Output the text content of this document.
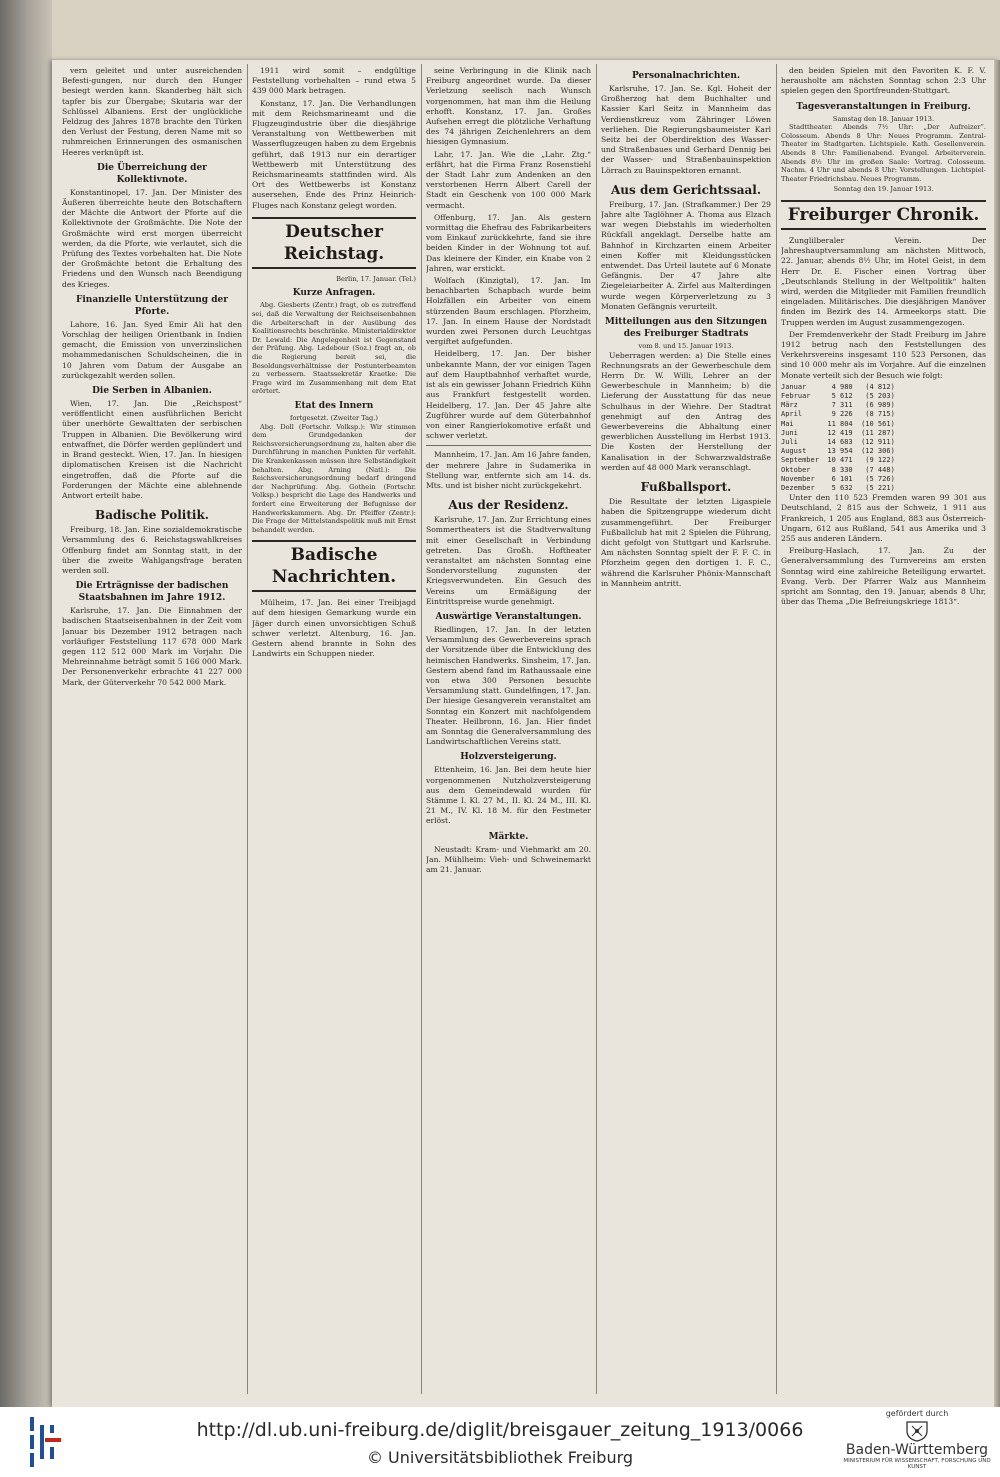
vern geleitet und unter ausreichenden Befesti-gungen, nur durch den Hunger besiegt werden kann. Skanderbeg hält sich tapfer bis zur Übergabe; Skutaria war der Schlüssel Albaniens. Erst der unglückliche Feldzug des Jahres 1878 brachte den Türken den Verlust der Festung, deren Name mit so ruhmreichen Erinnerungen des osmanischen Heeres verknüpft ist.

Die Überreichung der Kollektivnote.

Konstantinopel, 17. Jan. Der Minister des Äußeren überreichte heute den Botschaftern der Mächte die Antwort der Pforte auf die Kollektivnote der Großmächte. Die Note der Großmächte wird erst morgen überreicht werden, da die Pforte, wie verlautet, sich die Prüfung des Textes vorbehalten hat. Die Note der Großmächte betont die Erhaltung des Friedens und den Wunsch nach Beendigung des Krieges.

Finanzielle Unterstützung der Pforte.

Lahore, 16. Jan. Syed Emir Ali hat den Vorschlag der heiligen Orientbank in Indien gemacht, die Emission von unverzinslichen mohammedanischen Schuldscheinen, die in 10 Jahren vom Datum der Ausgabe an zurückgezahlt werden sollen.

Die Serben in Albanien.

Wien, 17. Jan. Die „Reichspost“ veröffentlicht einen ausführlichen Bericht über unerhörte Gewalttaten der serbischen Truppen in Albanien. Die Bevölkerung wird entwaffnet, die Dörfer werden geplündert und in Brand gesteckt. Wien, 17. Jan. In hiesigen diplomatischen Kreisen ist die Nachricht eingetroffen, daß die Pforte auf die Forderungen der Mächte eine ablehnende Antwort erteilt habe.

Badische Politik.

Freiburg, 18. Jan. Eine sozialdemokratische Versammlung des 6. Reichstagswahlkreises Offenburg findet am Sonntag statt, in der über die zweite Wahlgangsfrage beraten werden soll.

Die Erträgnisse der badischen Staatsbahnen im Jahre 1912.

Karlsruhe, 17. Jan. Die Einnahmen der badischen Staatseisenbahnen in der Zeit vom Januar bis Dezember 1912 betragen nach vorläufiger Feststellung 117 678 000 Mark gegen 112 512 000 Mark im Vorjahr. Die Mehreinnahme beträgt somit 5 166 000 Mark. Der Personenverkehr erbrachte 41 227 000 Mark, der Güterverkehr 70 542 000 Mark.

1911 wird somit – endgültige Feststellung vorbehalten – rund etwa 5 439 000 Mark betragen.

Konstanz, 17. Jan. Die Verhandlungen mit dem Reichsmarineamt und die Flugzeugindustrie über die diesjährige Veranstaltung von Wettbewerben mit Wasserflugzeugen haben zu dem Ergebnis geführt, daß 1913 nur ein derartiger Wettbewerb mit Unterstützung des Reichsmarineamts stattfinden wird. Als Ort des Wettbewerbs ist Konstanz ausersehen, Ende des Prinz Heinrich-Fluges nach Konstanz gelegt worden.

Deutscher Reichstag.
Berlin, 17. Januar. (Tel.)
Kurze Anfragen.

Abg. Giesberts (Zentr.) fragt, ob es zutreffend sei, daß die Verwaltung der Reichseisenbahnen die Arbeiterschaft in der Ausübung des Koalitionsrechts beschränke. Ministerialdirektor Dr. Lewald: Die Angelegenheit ist Gegenstand der Prüfung. Abg. Ledebour (Soz.) fragt an, ob die Regierung bereit sei, die Besoldungsverhältnisse der Postunterbeamten zu verbessern. Staatssekretär Kraetke: Die Frage wird im Zusammenhang mit dem Etat erörtert.

Etat des Innern
fortgesetzt. (Zweiter Tag.)

Abg. Doll (Fortschr. Volksp.): Wir stimmen dem Grundgedanken der Reichsversicherungsordnung zu, halten aber die Durchführung in manchen Punkten für verfehlt. Die Krankenkassen müssen ihre Selbständigkeit behalten. Abg. Arning (Natl.): Die Reichsversicherungsordnung bedarf dringend der Nachprüfung. Abg. Gothein (Fortschr. Volksp.) bespricht die Lage des Handwerks und fordert eine Erweiterung der Befugnisse der Handwerkskammern. Abg. Dr. Pfeiffer (Zentr.): Die Frage der Mittelstandspolitik muß mit Ernst behandelt werden.

Badische Nachrichten.

Mülheim, 17. Jan. Bei einer Treibjagd auf dem hiesigen Gemarkung wurde ein Jäger durch einen unvorsichtigen Schuß schwer verletzt. Altenburg, 16. Jan. Gestern abend brannte in Sohn des Landwirts ein Schuppen nieder.

seine Verbringung in die Klinik nach Freiburg angeordnet wurde. Da dieser Verletzung seelisch nach Wunsch vorgenommen, hat man ihm die Heilung erhofft. Konstanz, 17. Jan. Großes Aufsehen erregt die plötzliche Verhaftung des 74 jährigen Zeichenlehrers an dem hiesigen Gymnasium.

Lahr, 17. Jan. Wie die „Lahr. Ztg.“ erfährt, hat die Firma Franz Rosenstiehl der Stadt Lahr zum Andenken an den verstorbenen Herrn Albert Carell der Stadt ein Geschenk von 100 000 Mark vermacht.

Offenburg, 17. Jan. Als gestern vormittag die Ehefrau des Fabrikarbeiters vom Einkauf zurückkehrte, fand sie ihre beiden Kinder in der Wohnung tot auf. Das kleinere der Kinder, ein Knabe von 2 Jahren, war erstickt.

Wolfach (Kinzigtal), 17. Jan. Im benachbarten Schapbach wurde beim Holzfällen ein Arbeiter von einem stürzenden Baum erschlagen. Pforzheim, 17. Jan. In einem Hause der Nordstadt wurden zwei Personen durch Leuchtgas vergiftet aufgefunden.

Heidelberg, 17. Jan. Der bisher unbekannte Mann, der vor einigen Tagen auf dem Hauptbahnhof verhaftet wurde, ist als ein gewisser Johann Friedrich Kühn aus Frankfurt festgestellt worden. Heidelberg, 17. Jan. Der 45 Jahre alte Zugführer wurde auf dem Güterbahnhof von einer Rangierlokomotive erfaßt und schwer verletzt.

Mannheim, 17. Jan. Am 16 Jahre fanden, der mehrere Jahre in Sudamerika in Stellung war, entfernte sich am 14. ds. Mts. und ist bisher nicht zurückgekehrt.

Aus der Residenz.

Karlsruhe, 17. Jan. Zur Errichtung eines Sommertheaters ist die Stadtverwaltung mit einer Gesellschaft in Verbindung getreten. Das Großh. Hoftheater veranstaltet am nächsten Sonntag eine Sondervorstellung zugunsten der Kriegsverwundeten. Ein Gesuch des Vereins um Ermäßigung der Eintrittspreise wurde genehmigt.

Auswärtige Veranstaltungen.

Riedlingen, 17. Jan. In der letzten Versammlung des Gewerbevereins sprach der Vorsitzende über die Entwicklung des heimischen Handwerks. Sinsheim, 17. Jan. Gestern abend fand im Rathaussaale eine von etwa 300 Personen besuchte Versammlung statt. Gundelfingen, 17. Jan. Der hiesige Gesangverein veranstaltet am Sonntag ein Konzert mit nachfolgendem Theater. Heilbronn, 16. Jan. Hier findet am Sonntag die Generalversammlung des Landwirtschaftlichen Vereins statt.

Holzversteigerung.

Ettenheim, 16. Jan. Bei dem heute hier vorgenommenen Nutzholzversteigerung aus dem Gemeindewald wurden für Stämme I. Kl. 27 M., II. Kl. 24 M., III. Kl. 21 M., IV. Kl. 18 M. für den Festmeter erlöst.

Märkte.

Neustadt: Kram- und Viehmarkt am 20. Jan. Mühlheim: Vieh- und Schweinemarkt am 21. Januar.

Personalnachrichten.

Karlsruhe, 17. Jan. Se. Kgl. Hoheit der Großherzog hat dem Buchhalter und Kassier Karl Seitz in Mannheim das Verdienstkreuz vom Zähringer Löwen verliehen. Die Regierungsbaumeister Karl Seitz bei der Oberdirektion des Wasser- und Straßenbaues und Gerhard Dennig bei der Wasser- und Straßenbauinspektion Lörrach zu Bauinspektoren ernannt.

Aus dem Gerichtssaal.

Freiburg, 17. Jan. (Strafkammer.) Der 29 Jahre alte Taglöhner A. Thoma aus Elzach war wegen Diebstahls im wiederholten Rückfall angeklagt. Derselbe hatte am Bahnhof in Kirchzarten einem Arbeiter einen Koffer mit Kleidungsstücken entwendet. Das Urteil lautete auf 6 Monate Gefängnis. Der 47 Jahre alte Ziegeleiarbeiter A. Zirfel aus Malterdingen wurde wegen Körperverletzung zu 3 Monaten Gefängnis verurteilt.

Mitteilungen aus den Sitzungen des Freiburger Stadtrats
vom 8. und 15. Januar 1913.

Ueberragen werden: a) Die Stelle eines Rechnungsrats an der Gewerbeschule dem Herrn Dr. W. Willi, Lehrer an der Gewerbeschule in Mannheim; b) die Lieferung der Ausstattung für das neue Schulhaus in der Wiehre. Der Stadtrat genehmigt auf den Antrag des Gewerbevereins die Abhaltung einer gewerblichen Ausstellung im Herbst 1913. Die Kosten der Herstellung der Kanalisation in der Schwarzwaldstraße werden auf 48 000 Mark veranschlagt.

Fußballsport.

Die Resultate der letzten Ligaspiele haben die Spitzengruppe wiederum dicht zusammengeführt. Der Freiburger Fußballclub hat mit 2 Spielen die Führung, dicht gefolgt von Stuttgart und Karlsruhe. Am nächsten Sonntag spielt der F. F. C. in Pforzheim gegen den dortigen 1. F. C., während die Karlsruher Phönix-Mannschaft in Mannheim antritt.

den beiden Spielen mit den Favoriten K. F. V. herausholte am nächsten Sonntag schon 2:3 Uhr spielen gegen den Sportfreunden-Stuttgart.

Tagesveranstaltungen in Freiburg.
Samstag den 18. Januar 1913.

Stadttheater. Abends 7½ Uhr: „Der Aufreizer“. Colosseum. Abends 8 Uhr: Neues Programm. Zentral-Theater im Stadtgarten. Lichtspiele. Kath. Gesellenverein. Abends 8 Uhr: Familienabend. Evangel. Arbeiterverein. Abends 8½ Uhr im großen Saale: Vortrag. Colosseum. Nachm. 4 Uhr und abends 8 Uhr: Vorstellungen. Lichtspiel-Theater Friedrichsbau. Neues Programm.

Sonntag den 19. Januar 1913.
Freiburger Chronik.

Zunglilberaler Verein. Der Jahreshauptversammlung am nächsten Mittwoch, 22. Januar, abends 8½ Uhr, im Hotel Geist, in dem Herr Dr. E. Fischer einen Vortrag über „Deutschlands Stellung in der Weltpolitik“ halten wird, werden die Mitglieder mit Familien freundlich eingeladen. Militärisches. Die diesjährigen Manöver finden im Bezirk des 14. Armeekorps statt. Die Truppen werden im August zusammengezogen.

Der Fremdenverkehr der Stadt Freiburg im Jahre 1912 betrug nach den Feststellungen des Verkehrsvereins insgesamt 110 523 Personen, das sind 10 000 mehr als im Vorjahre. Auf die einzelnen Monate verteilt sich der Besuch wie folgt:

Januar      4 980   (4 812)
Februar     5 612   (5 203)
März        7 311   (6 989)
April       9 226   (8 715)
Mai        11 804  (10 561)
Juni       12 419  (11 287)
Juli       14 683  (12 911)
August     13 954  (12 306)
September  10 471   (9 122)
Oktober     8 330   (7 448)
November    6 101   (5 726)
Dezember    5 632   (5 221)

Unter den 110 523 Fremden waren 99 301 aus Deutschland, 2 815 aus der Schweiz, 1 911 aus Frankreich, 1 205 aus England, 883 aus Österreich-Ungarn, 612 aus Rußland, 541 aus Amerika und 3 255 aus anderen Ländern.

Freiburg-Haslach, 17. Jan. Zu der Generalversammlung des Turnvereins am ersten Sonntag wird eine zahlreiche Beteiligung erwartet. Evang. Verb. Der Pfarrer Walz aus Mannheim spricht am Sonntag, den 19. Januar, abends 8 Uhr, über das Thema „Die Befreiungskriege 1813“.

http://dl.ub.uni-freiburg.de/diglit/breisgauer_zeitung_1913/0066
© Universitätsbibliothek Freiburg
gefördert durch
Baden-Württemberg
MINISTERIUM FÜR WISSENSCHAFT, FORSCHUNG UND KUNST
